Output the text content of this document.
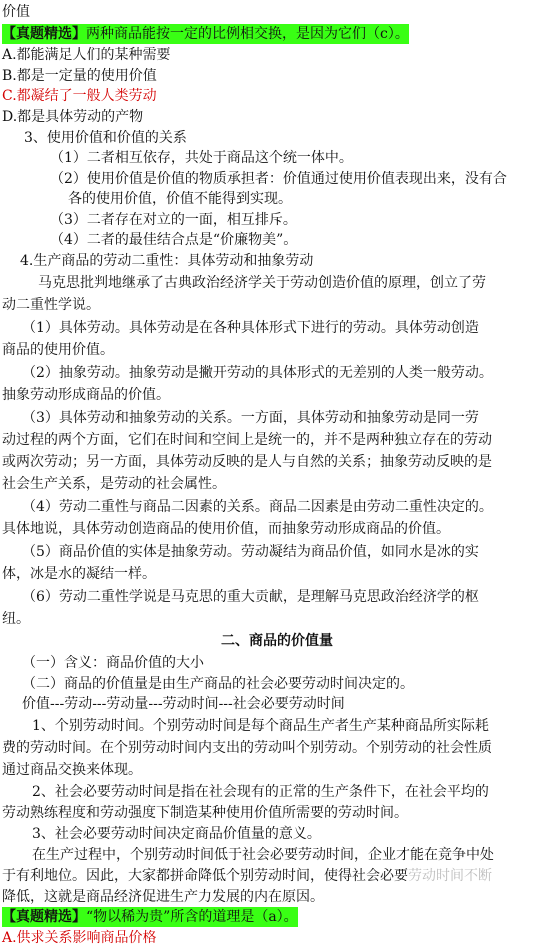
价值
【真题精选】两种商品能按一定的比例相交换，是因为它们（c）。
A.都能满足人们的某种需要
B.都是一定量的使用价值
C.都凝结了一般人类劳动
D.都是具体劳动的产物
3、使用价值和价值的关系
（1）二者相互依存，共处于商品这个统一体中。
（2）使用价值是价值的物质承担者：价值通过使用价值表现出来，没有合
各的使用价值，价值不能得到实现。
（3）二者存在对立的一面，相互排斥。
（4）二者的最佳结合点是“价廉物美”。
4.生产商品的劳动二重性：具体劳动和抽象劳动
马克思批判地继承了古典政治经济学关于劳动创造价值的原理，创立了劳
动二重性学说。
（1）具体劳动。具体劳动是在各种具体形式下进行的劳动。具体劳动创造
商品的使用价值。
（2）抽象劳动。抽象劳动是撇开劳动的具体形式的无差别的人类一般劳动。
抽象劳动形成商品的价值。
（3）具体劳动和抽象劳动的关系。一方面，具体劳动和抽象劳动是同一劳
动过程的两个方面，它们在时间和空间上是统一的，并不是两种独立存在的劳动
或两次劳动；另一方面，具体劳动反映的是人与自然的关系；抽象劳动反映的是
社会生产关系，是劳动的社会属性。
（4）劳动二重性与商品二因素的关系。商品二因素是由劳动二重性决定的。
具体地说，具体劳动创造商品的使用价值，而抽象劳动形成商品的价值。
（5）商品价值的实体是抽象劳动。劳动凝结为商品价值，如同水是冰的实
体，冰是水的凝结一样。
（6）劳动二重性学说是马克思的重大贡献，是理解马克思政治经济学的枢
纽。
二、商品的价值量
（一）含义：商品价值的大小
（二）商品的价值量是由生产商品的社会必要劳动时间决定的。
价值---劳动---劳动量---劳动时间---社会必要劳动时间
1、个别劳动时间。个别劳动时间是每个商品生产者生产某种商品所实际耗
费的劳动时间。在个别劳动时间内支出的劳动叫个别劳动。个别劳动的社会性质
通过商品交换来体现。
2、社会必要劳动时间是指在社会现有的正常的生产条件下，在社会平均的
劳动熟练程度和劳动强度下制造某种使用价值所需要的劳动时间。
3、社会必要劳动时间决定商品价值量的意义。
在生产过程中，个别劳动时间低于社会必要劳动时间，企业才能在竞争中处
于有利地位。因此，大家都拼命降低个别劳动时间，使得社会必要劳动时间不断
降低，这就是商品经济促进生产力发展的内在原因。
【真题精选】“物以稀为贵”所含的道理是（a）。
A.供求关系影响商品价格
